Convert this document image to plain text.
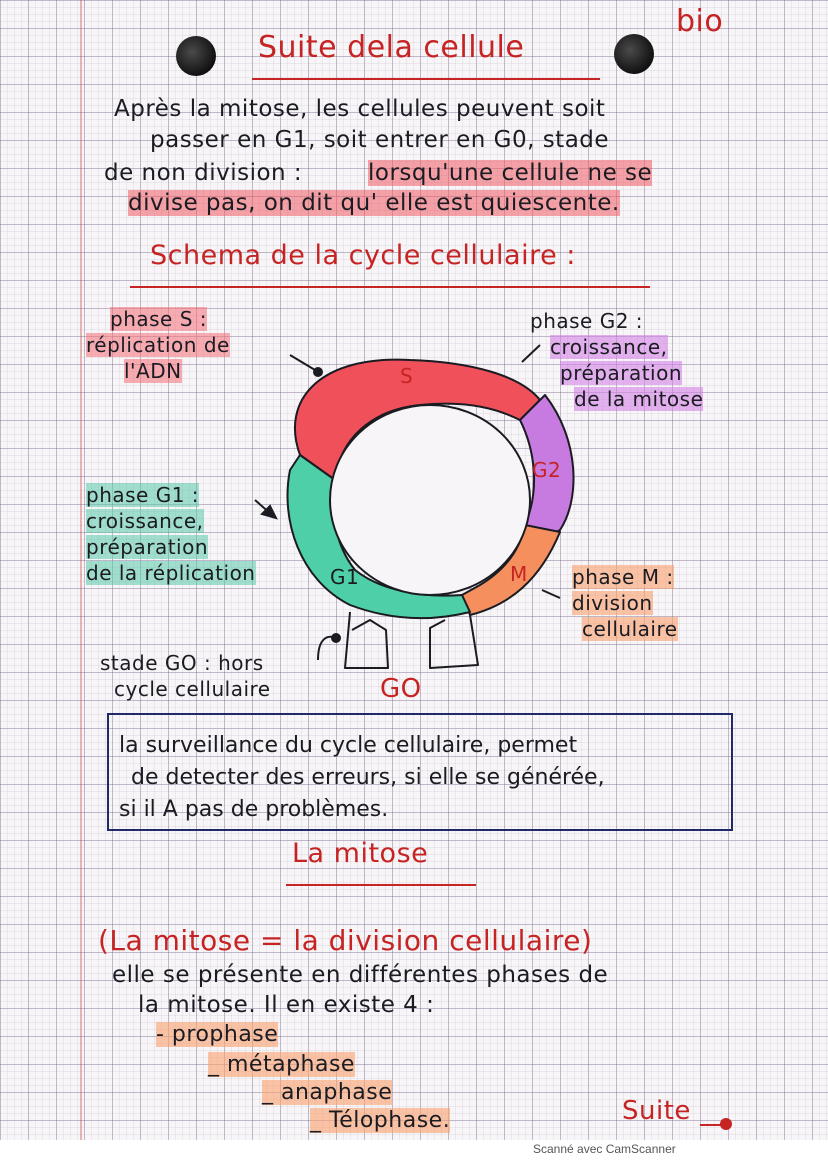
bio
Suite dela cellule
Après la mitose, les cellules peuvent soit
passer en G1, soit entrer en G0, stade
de non division :	lorsqu'une cellule ne se
divise pas, on dit qu' elle est quiescente.
Schema de la cycle cellulaire :
S
G2
M
G1
GO
phase S :
réplication de
l'ADN
phase G2 :
croissance,
préparation
de la mitose
phase G1 :
croissance,
préparation
de la réplication	phase M :
division
cellulaire
stade GO : hors
cycle cellulaire
la surveillance du cycle cellulaire, permet
de detecter des erreurs, si elle se générée,
si il A pas de problèmes.
La mitose
(La mitose = la division cellulaire)
elle se présente en différentes phases de
la mitose. Il en existe 4 :
- prophase
_ métaphase
_ anaphase
_ Télophase.	Suite
Scanné avec CamScanner
